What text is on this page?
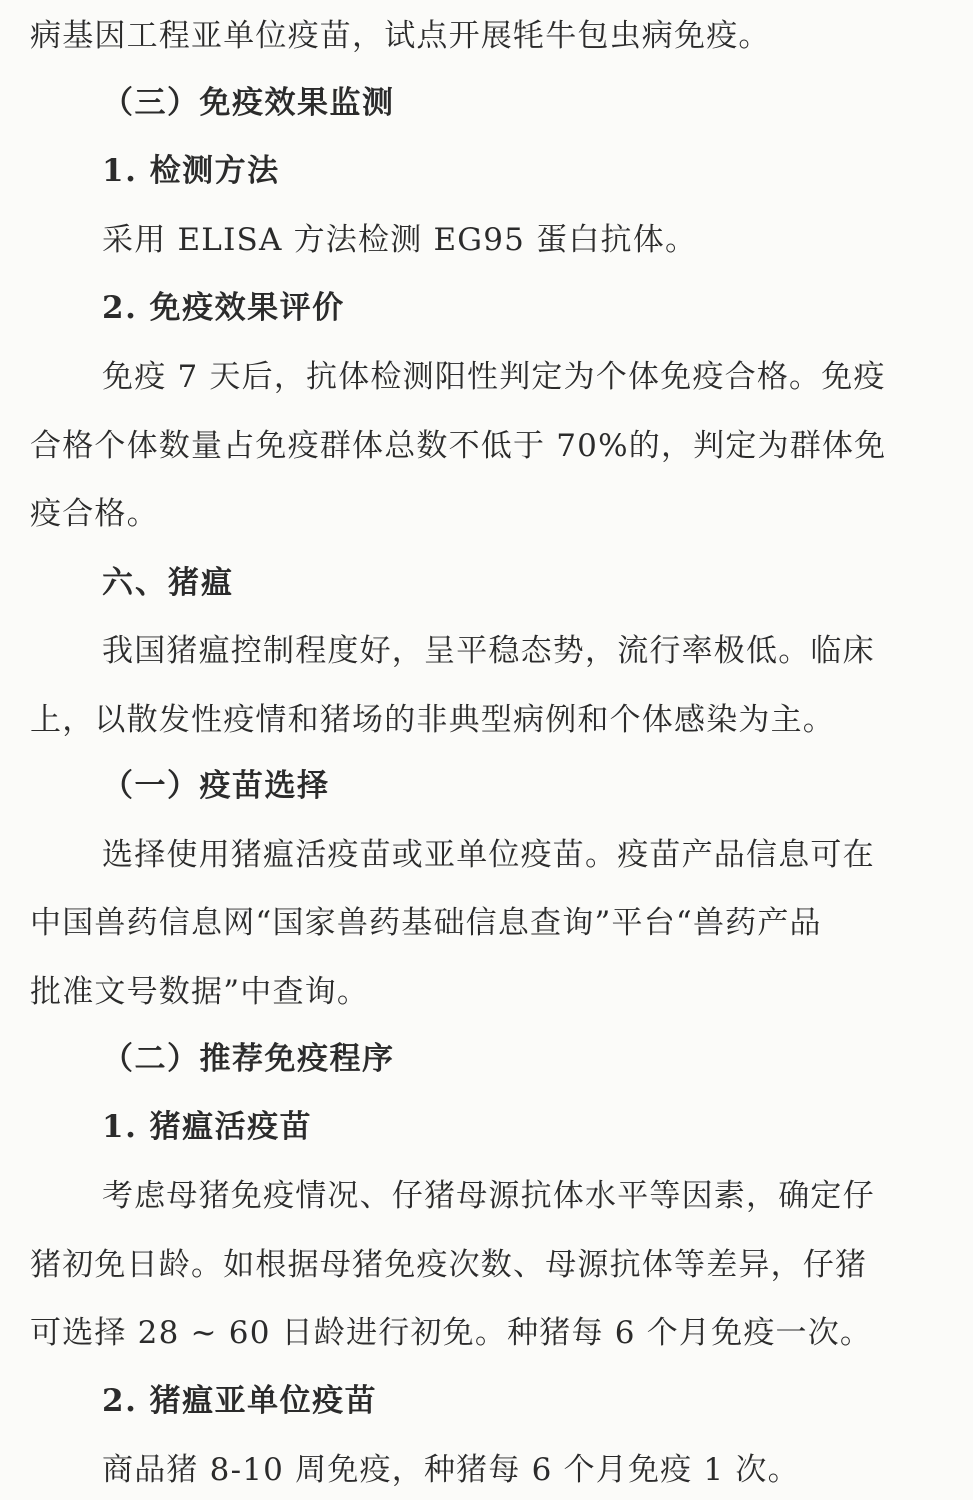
病基因工程亚单位疫苗，试点开展牦牛包虫病免疫。
（三）免疫效果监测
1. 检测方法
采用 ELISA 方法检测 EG95 蛋白抗体。
2. 免疫效果评价
免疫 7 天后，抗体检测阳性判定为个体免疫合格。免疫
合格个体数量占免疫群体总数不低于 70%的，判定为群体免
疫合格。
六、猪瘟
我国猪瘟控制程度好，呈平稳态势，流行率极低。临床
上，以散发性疫情和猪场的非典型病例和个体感染为主。
（一）疫苗选择
选择使用猪瘟活疫苗或亚单位疫苗。疫苗产品信息可在
中国兽药信息网“国家兽药基础信息查询”平台“兽药产品
批准文号数据”中查询。
（二）推荐免疫程序
1. 猪瘟活疫苗
考虑母猪免疫情况、仔猪母源抗体水平等因素，确定仔
猪初免日龄。如根据母猪免疫次数、母源抗体等差异，仔猪
可选择 28 ~ 60 日龄进行初免。种猪每 6 个月免疫一次。
2. 猪瘟亚单位疫苗
商品猪 8-10 周免疫，种猪每 6 个月免疫 1 次。
